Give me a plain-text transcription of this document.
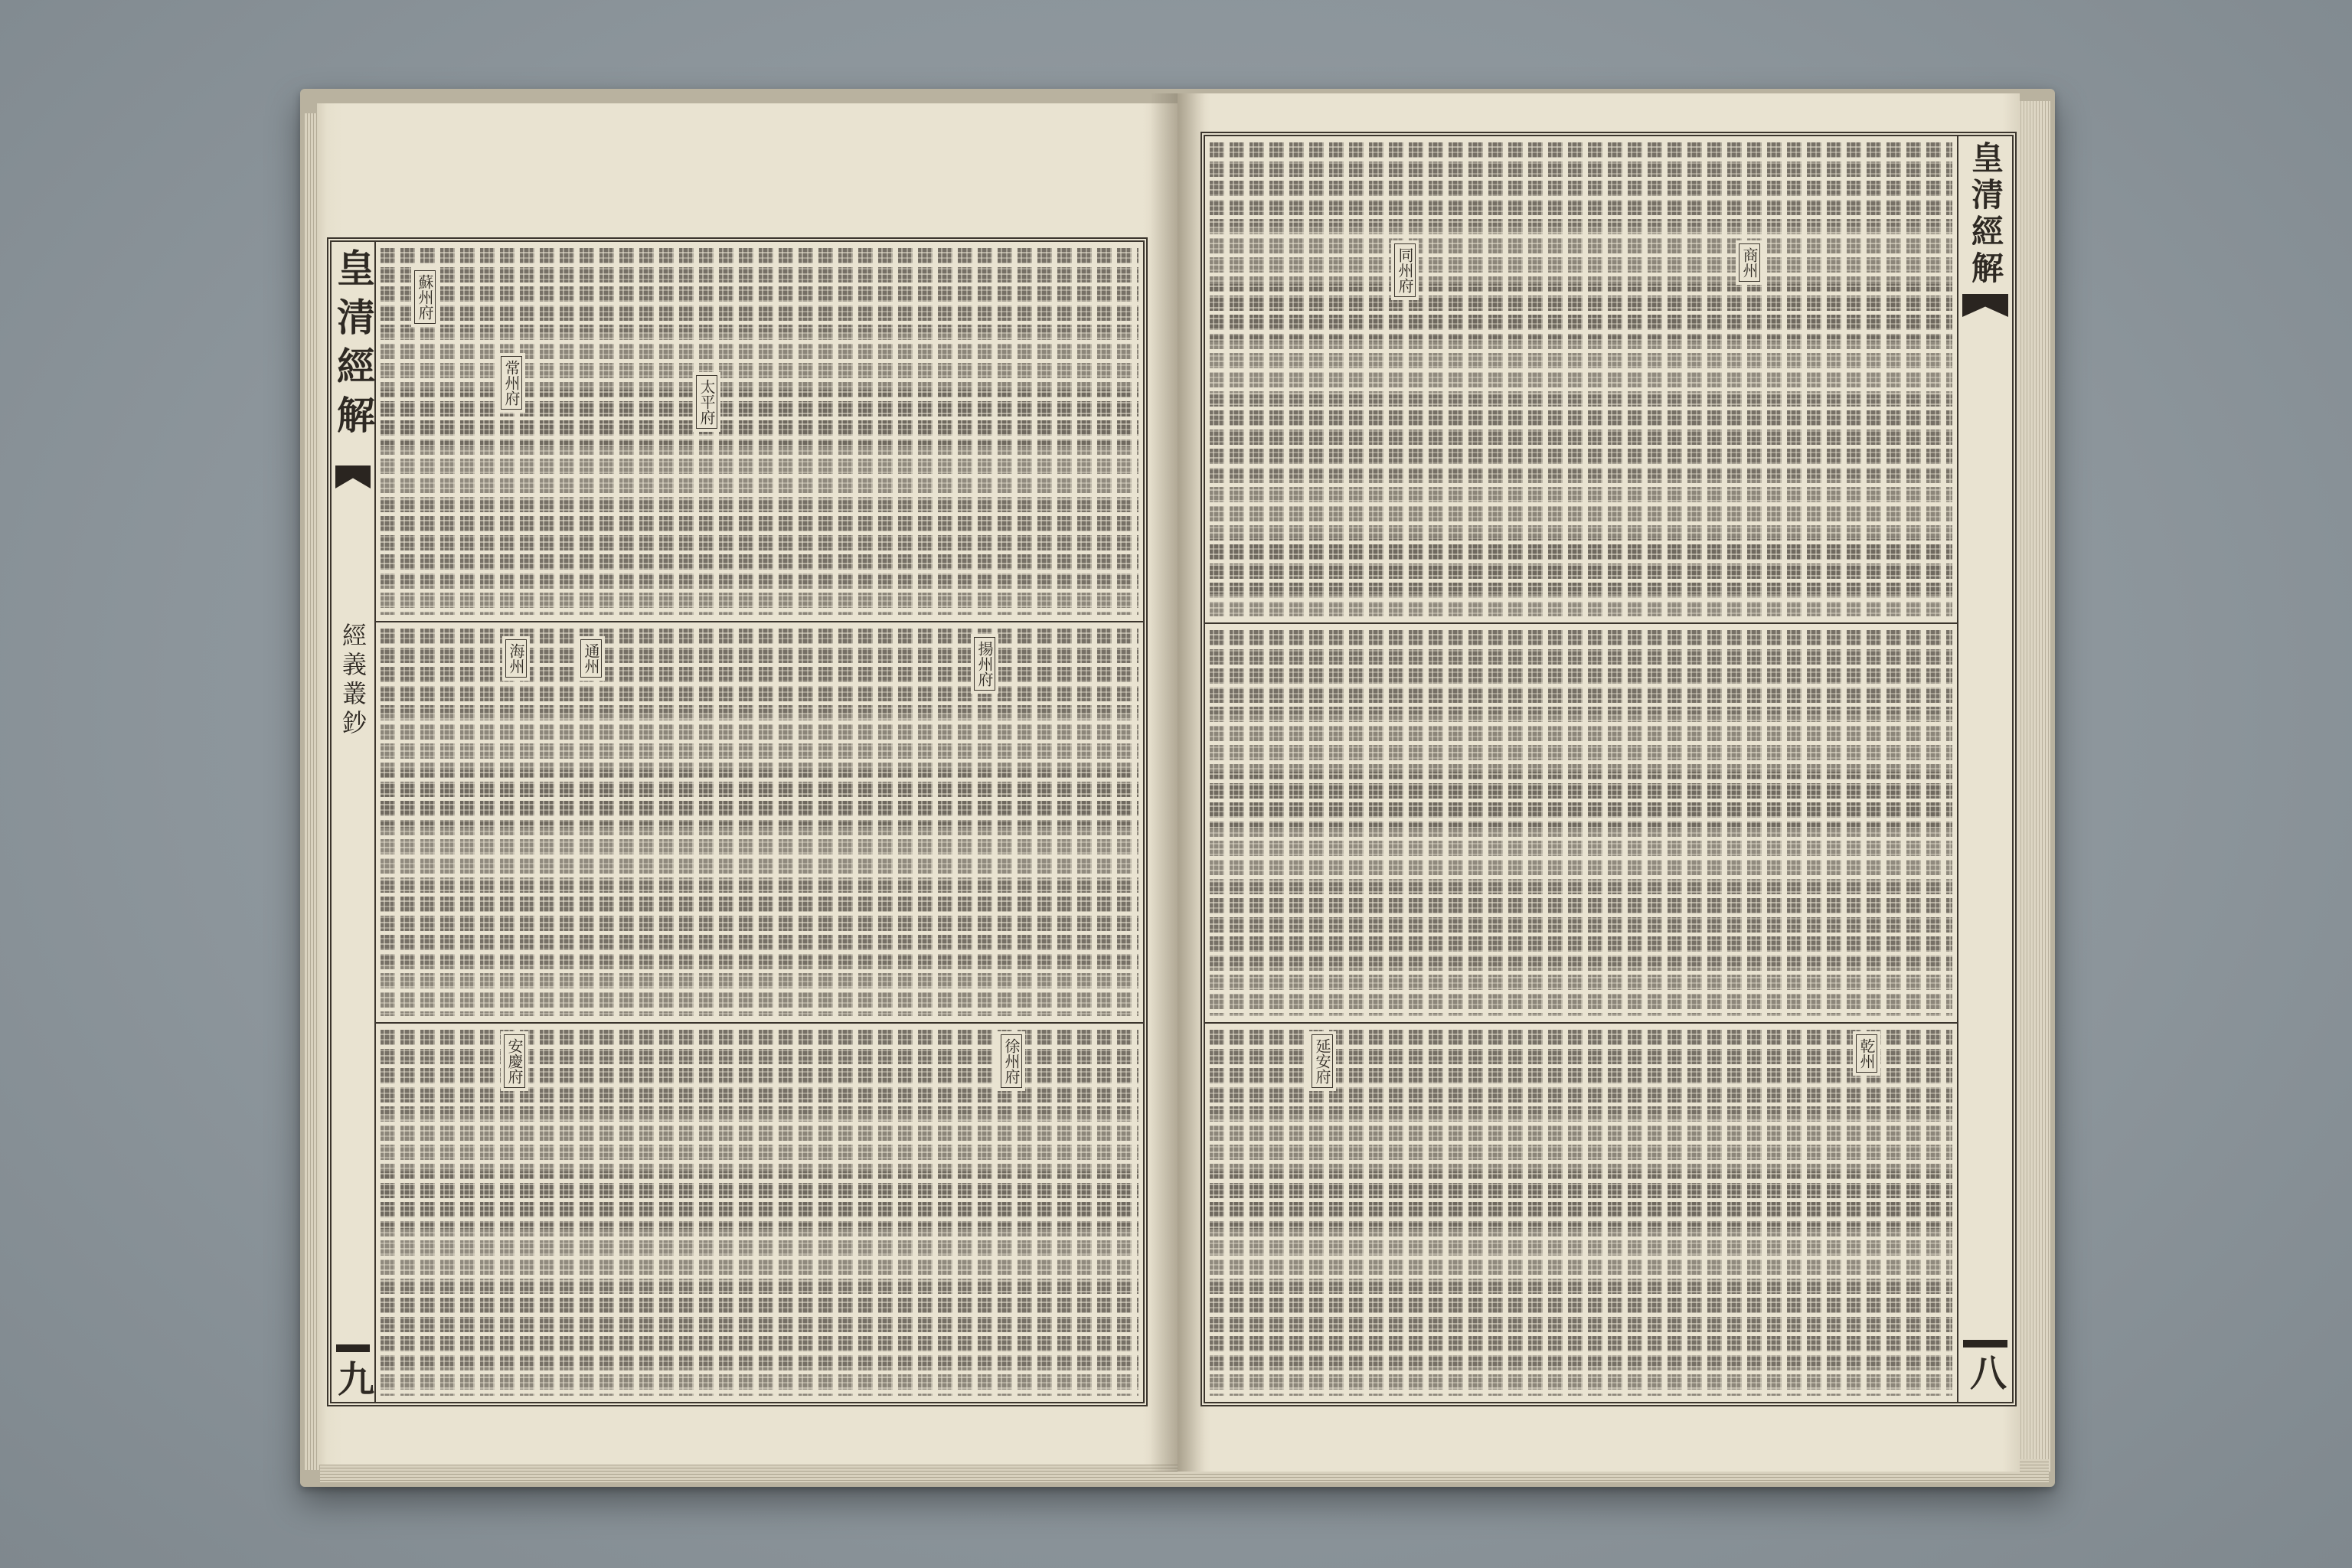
皇清經解
經義叢鈔
九
蘇州府
常州府	太平府
揚州府
通州
海州
徐州府
安慶府
同州府	商州
延安府	乾州
皇清經解
八
